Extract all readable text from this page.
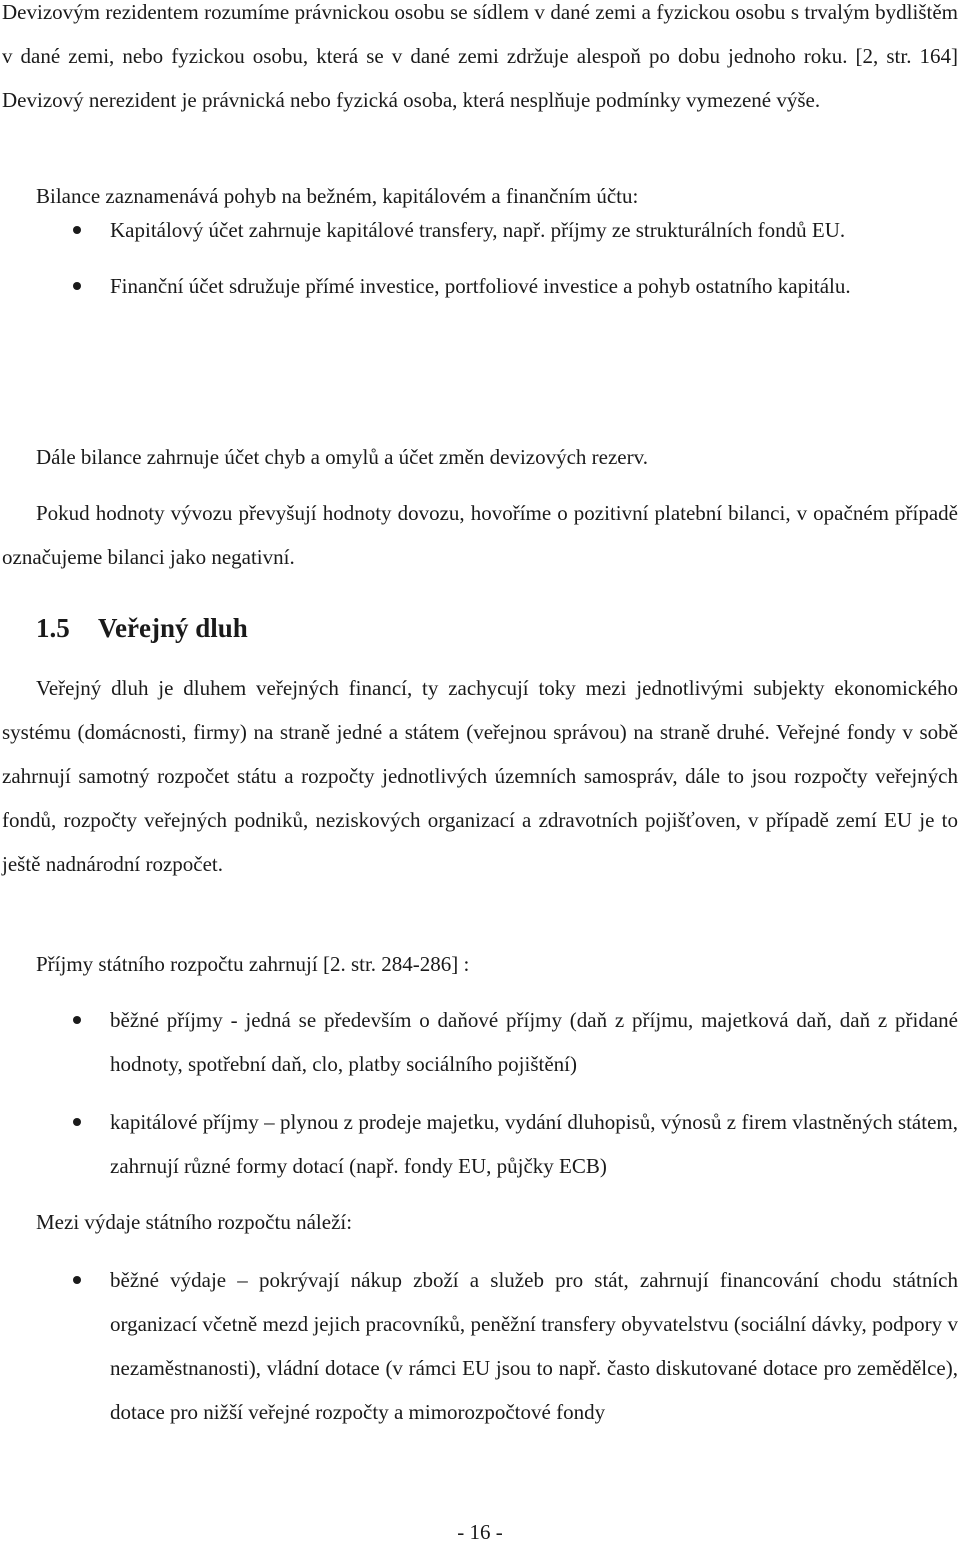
Devizovým rezidentem rozumíme právnickou osobu se sídlem v dané zemi a fyzickou osobu s trvalým bydlištěm v dané zemi, nebo fyzickou osobu, která se v dané zemi zdržuje alespoň po dobu jednoho roku. [2, str. 164] Devizový nerezident je právnická nebo fyzická osoba, která nesplňuje podmínky vymezené výše.

Bilance zaznamenává pohyb na bežném, kapitálovém a finančním účtu:

Kapitálový účet zahrnuje kapitálové transfery, např. příjmy ze strukturálních fondů EU.
Finanční účet sdružuje přímé investice, portfoliové investice a pohyb ostatního kapitálu.

Dále bilance zahrnuje účet chyb a omylů a účet změn devizových rezerv.

Pokud hodnoty vývozu převyšují hodnoty dovozu, hovoříme o pozitivní platební bilanci, v opačném případě označujeme bilanci jako negativní.

1.5 Veřejný dluh

Veřejný dluh je dluhem veřejných financí, ty zachycují toky mezi jednotlivými subjekty ekonomického systému (domácnosti, firmy) na straně jedné a státem (veřejnou správou) na straně druhé. Veřejné fondy v sobě zahrnují samotný rozpočet státu a rozpočty jednotlivých územních samospráv, dále to jsou rozpočty veřejných fondů, rozpočty veřejných podniků, neziskových organizací a zdravotních pojišťoven, v případě zemí EU je to ještě nadnárodní rozpočet.

Příjmy státního rozpočtu zahrnují [2. str. 284-286] :

běžné příjmy - jedná se především o daňové příjmy (daň z příjmu, majetková daň, daň z přidané hodnoty, spotřební daň, clo, platby sociálního pojištění)
kapitálové příjmy – plynou z prodeje majetku, vydání dluhopisů, výnosů z firem vlastněných státem, zahrnují různé formy dotací (např. fondy EU, půjčky ECB)

Mezi výdaje státního rozpočtu náleží:

běžné výdaje – pokrývají nákup zboží a služeb pro stát, zahrnují financování chodu státních organizací včetně mezd jejich pracovníků, peněžní transfery obyvatelstvu (sociální dávky, podpory v nezaměstnanosti), vládní dotace (v rámci EU jsou to např. často diskutované dotace pro zemědělce), dotace pro nižší veřejné rozpočty a mimorozpočtové fondy
- 16 -
